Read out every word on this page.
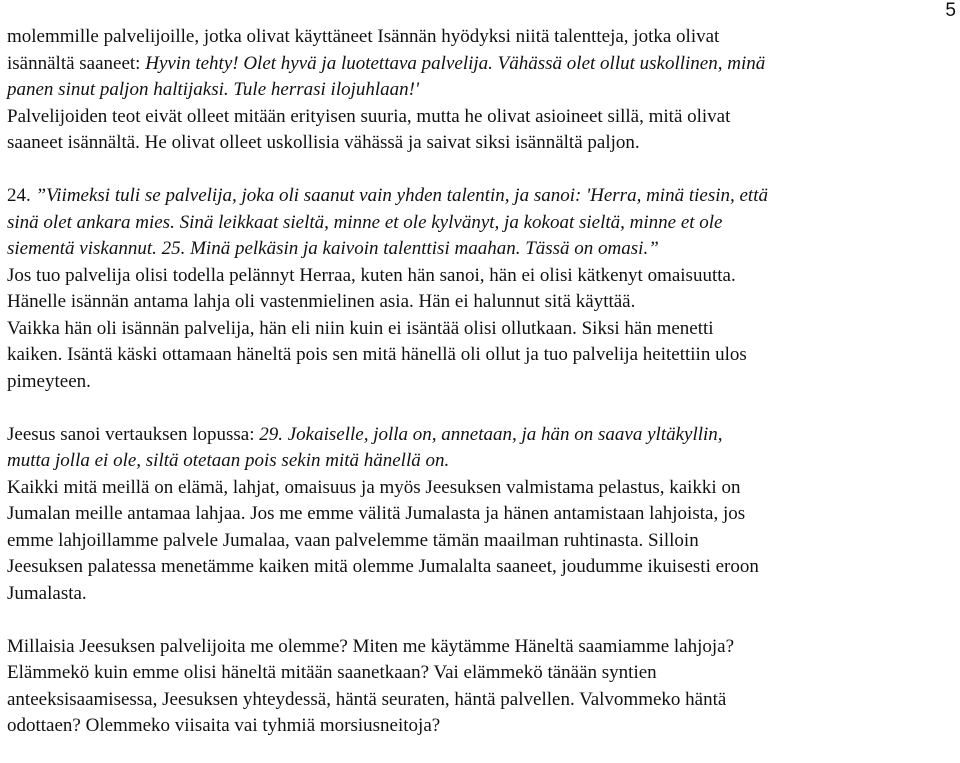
5
molemmille palvelijoille, jotka olivat käyttäneet Isännän hyödyksi niitä talentteja, jotka olivat
isännältä saaneet: Hyvin tehty! Olet hyvä ja luotettava palvelija. Vähässä olet ollut uskollinen, minä
panen sinut paljon haltijaksi. Tule herrasi ilojuhlaan!'
Palvelijoiden teot eivät olleet mitään erityisen suuria, mutta he olivat asioineet sillä, mitä olivat
saaneet isännältä. He olivat olleet uskollisia vähässä ja saivat siksi isännältä paljon.
24. ”Viimeksi tuli se palvelija, joka oli saanut vain yhden talentin, ja sanoi: 'Herra, minä tiesin, että
sinä olet ankara mies. Sinä leikkaat sieltä, minne et ole kylvänyt, ja kokoat sieltä, minne et ole
siementä viskannut. 25. Minä pelkäsin ja kaivoin talenttisi maahan. Tässä on omasi.”
Jos tuo palvelija olisi todella pelännyt Herraa, kuten hän sanoi, hän ei olisi kätkenyt omaisuutta.
Hänelle isännän antama lahja oli vastenmielinen asia. Hän ei halunnut sitä käyttää.
Vaikka hän oli isännän palvelija, hän eli niin kuin ei isäntää olisi ollutkaan. Siksi hän menetti
kaiken. Isäntä käski ottamaan häneltä pois sen mitä hänellä oli ollut ja tuo palvelija heitettiin ulos
pimeyteen.
Jeesus sanoi vertauksen lopussa: 29. Jokaiselle, jolla on, annetaan, ja hän on saava yltäkyllin,
mutta jolla ei ole, siltä otetaan pois sekin mitä hänellä on.
Kaikki mitä meillä on elämä, lahjat, omaisuus ja myös Jeesuksen valmistama pelastus, kaikki on
Jumalan meille antamaa lahjaa. Jos me emme välitä Jumalasta ja hänen antamistaan lahjoista, jos
emme lahjoillamme palvele Jumalaa, vaan palvelemme tämän maailman ruhtinasta. Silloin
Jeesuksen palatessa menetämme kaiken mitä olemme Jumalalta saaneet, joudumme ikuisesti eroon
Jumalasta.
Millaisia Jeesuksen palvelijoita me olemme? Miten me käytämme Häneltä saamiamme lahjoja?
Elämmekö kuin emme olisi häneltä mitään saanetkaan? Vai elämmekö tänään syntien
anteeksisaamisessa, Jeesuksen yhteydessä, häntä seuraten, häntä palvellen. Valvommeko häntä
odottaen? Olemmeko viisaita vai tyhmiä morsiusneitoja?
